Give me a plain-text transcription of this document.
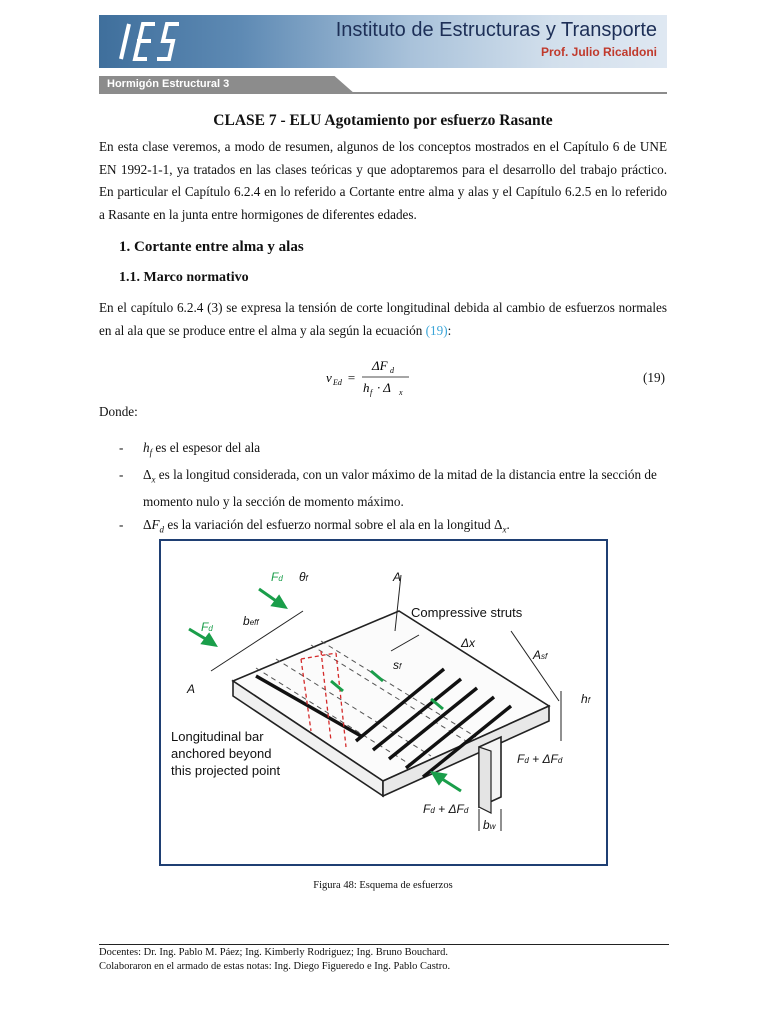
Instituto de Estructuras y Transporte
Prof. Julio Ricaldoni
Hormigón Estructural 3
CLASE 7 - ELU Agotamiento por esfuerzo Rasante
En esta clase veremos, a modo de resumen, algunos de los conceptos mostrados en el Capítulo 6 de UNE EN 1992-1-1, ya tratados en las clases teóricas y que adoptaremos para el desarrollo del trabajo práctico. En particular el Capítulo 6.2.4 en lo referido a Cortante entre alma y alas y el Capítulo 6.2.5 en lo referido a Rasante en la junta entre hormigones de diferentes edades.
1. Cortante entre alma y alas
1.1. Marco normativo
En el capítulo 6.2.4 (3) se expresa la tensión de corte longitudinal debida al cambio de esfuerzos normales en al ala que se produce entre el alma y ala según la ecuación (19):
v Ed =
ΔF d
h f · Δ x
(19)
Donde:
- $h_f$ es el espesor del ala
- $\Delta_x$ es la longitud considerada, con un valor máximo de la mitad de la distancia entre la sección de momento nulo y la sección de momento máximo.
- $\Delta F_d$ es la variación del esfuerzo normal sobre el ala en la longitud $\Delta_x$.
Fd
Fd
θf	A
A
beff
Compressive struts
Δx
Asf
sf
hf
Longitudinal bar
anchored beyond
this projected point
Fd + ΔFd
Fd + ΔFd
bw
Figura 48: Esquema de esfuerzos
Docentes: Dr. Ing. Pablo M. Páez; Ing. Kimberly Rodriguez; Ing. Bruno Bouchard.
Colaboraron en el armado de estas notas: Ing. Diego Figueredo e Ing. Pablo Castro.
